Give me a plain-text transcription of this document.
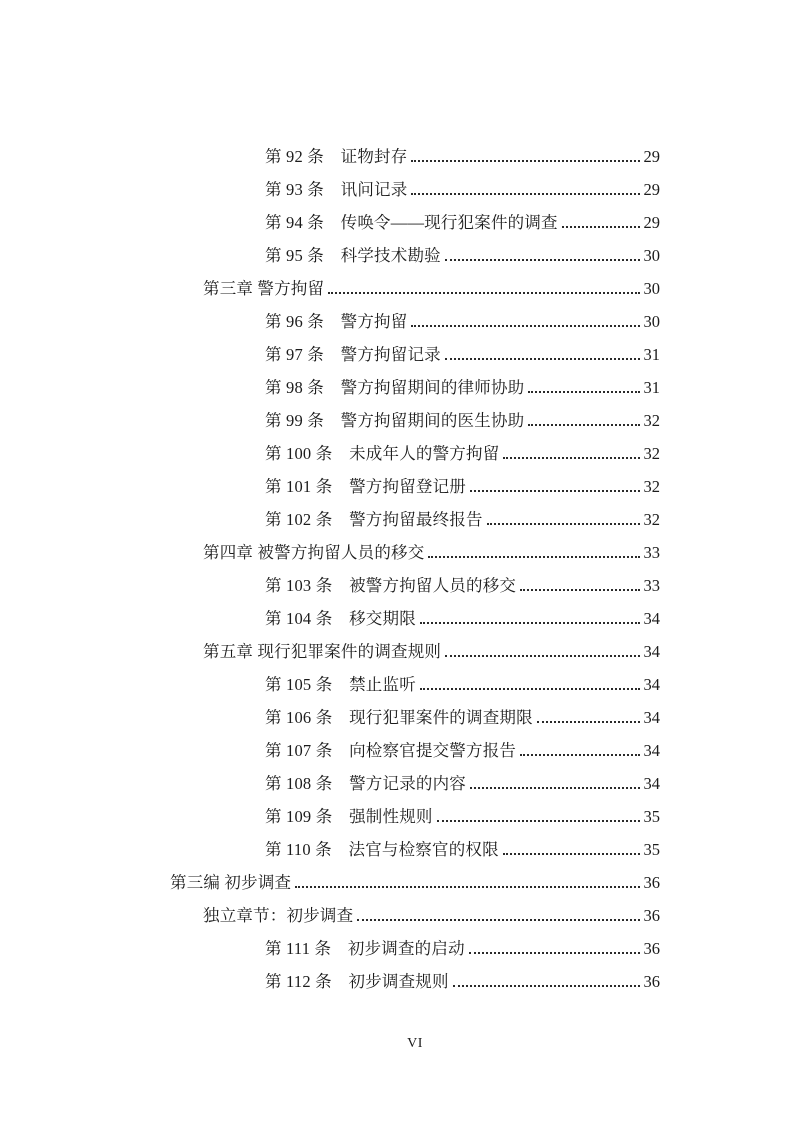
第 92 条　证物封存	29
第 93 条　讯问记录	29
第 94 条　传唤令——现行犯案件的调查	29
第 95 条　科学技术勘验	30
第三章 警方拘留	30
第 96 条　警方拘留	30
第 97 条　警方拘留记录	31
第 98 条　警方拘留期间的律师协助	31
第 99 条　警方拘留期间的医生协助	32
第 100 条　未成年人的警方拘留	32
第 101 条　警方拘留登记册	32
第 102 条　警方拘留最终报告	32
第四章 被警方拘留人员的移交	33
第 103 条　被警方拘留人员的移交	33
第 104 条　移交期限	34
第五章 现行犯罪案件的调查规则	34
第 105 条　禁止监听	34
第 106 条　现行犯罪案件的调查期限	34
第 107 条　向检察官提交警方报告	34
第 108 条　警方记录的内容	34
第 109 条　强制性规则	35
第 110 条　法官与检察官的权限	35
第三编 初步调查	36
独立章节：初步调查	36
第 111 条　初步调查的启动	36
第 112 条　初步调查规则	36
VI
